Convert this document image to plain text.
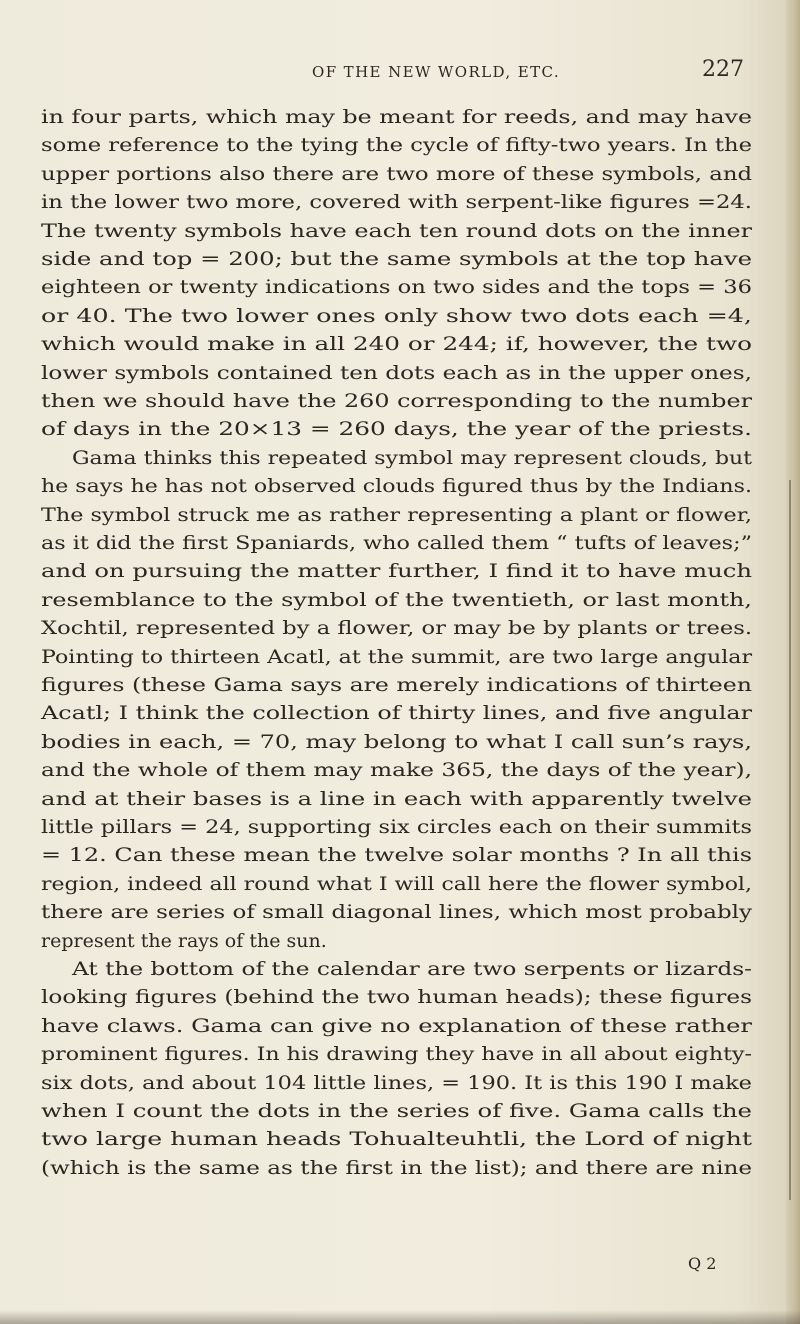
OF THE NEW WORLD, ETC.	227
in four parts, which may be meant for reeds, and may have
some reference to the tying the cycle of fifty-two years. In the
upper portions also there are two more of these symbols, and
in the lower two more, covered with serpent-like figures =24.
The twenty symbols have each ten round dots on the inner
side and top = 200; but the same symbols at the top have
eighteen or twenty indications on two sides and the tops = 36
or 40. The two lower ones only show two dots each =4,
which would make in all 240 or 244; if, however, the two
lower symbols contained ten dots each as in the upper ones,
then we should have the 260 corresponding to the number
of days in the 20×13 = 260 days, the year of the priests.
Gama thinks this repeated symbol may represent clouds, but
he says he has not observed clouds figured thus by the Indians.
The symbol struck me as rather representing a plant or flower,
as it did the first Spaniards, who called them “ tufts of leaves;”
and on pursuing the matter further, I find it to have much
resemblance to the symbol of the twentieth, or last month,
Xochtil, represented by a flower, or may be by plants or trees.
Pointing to thirteen Acatl, at the summit, are two large angular
figures (these Gama says are merely indications of thirteen
Acatl; I think the collection of thirty lines, and five angular
bodies in each, = 70, may belong to what I call sun’s rays,
and the whole of them may make 365, the days of the year),
and at their bases is a line in each with apparently twelve
little pillars = 24, supporting six circles each on their summits
= 12. Can these mean the twelve solar months ? In all this
region, indeed all round what I will call here the flower symbol,
there are series of small diagonal lines, which most probably
represent the rays of the sun.
At the bottom of the calendar are two serpents or lizards-
looking figures (behind the two human heads); these figures
have claws. Gama can give no explanation of these rather
prominent figures. In his drawing they have in all about eighty-
six dots, and about 104 little lines, = 190. It is this 190 I make
when I count the dots in the series of five. Gama calls the
two large human heads Tohualteuhtli, the Lord of night
(which is the same as the first in the list); and there are nine
Q 2
